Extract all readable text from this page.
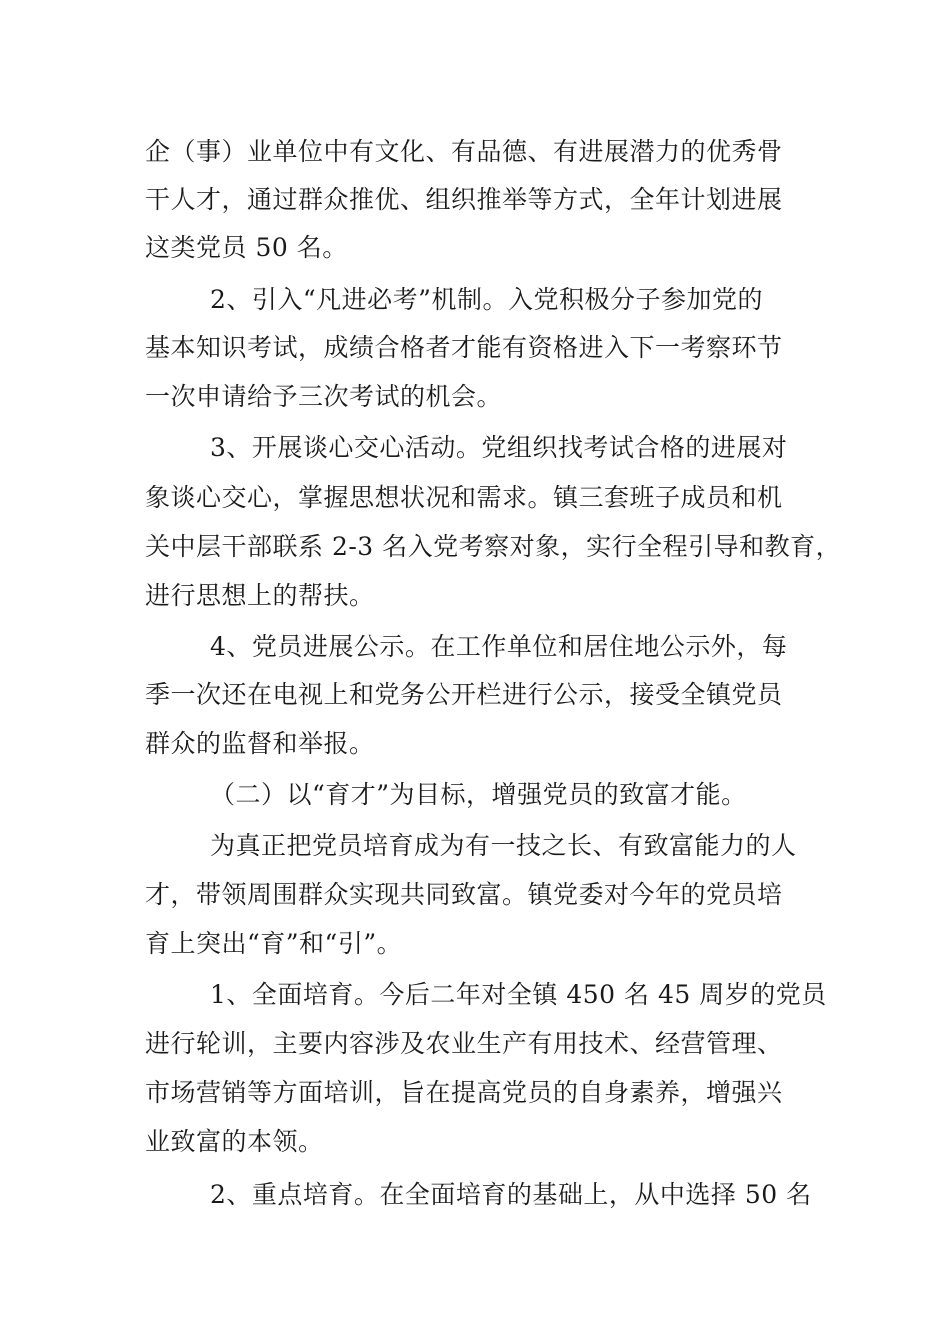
企（事）业单位中有文化、有品德、有进展潜力的优秀骨

干人才，通过群众推优、组织推举等方式，全年计划进展

这类党员 50 名。

2、引入“凡进必考”机制。入党积极分子参加党的

基本知识考试，成绩合格者才能有资格进入下一考察环节

一次申请给予三次考试的机会。

3、开展谈心交心活动。党组织找考试合格的进展对

象谈心交心，掌握思想状况和需求。镇三套班子成员和机

关中层干部联系 2-3 名入党考察对象，实行全程引导和教育，

进行思想上的帮扶。

4、党员进展公示。在工作单位和居住地公示外，每

季一次还在电视上和党务公开栏进行公示，接受全镇党员

群众的监督和举报。

（二）以“育才”为目标，增强党员的致富才能。

为真正把党员培育成为有一技之长、有致富能力的人

才，带领周围群众实现共同致富。镇党委对今年的党员培

育上突出“育”和“引”。

1、全面培育。今后二年对全镇 450 名 45 周岁的党员

进行轮训，主要内容涉及农业生产有用技术、经营管理、

市场营销等方面培训，旨在提高党员的自身素养，增强兴

业致富的本领。

2、重点培育。在全面培育的基础上，从中选择 50 名
